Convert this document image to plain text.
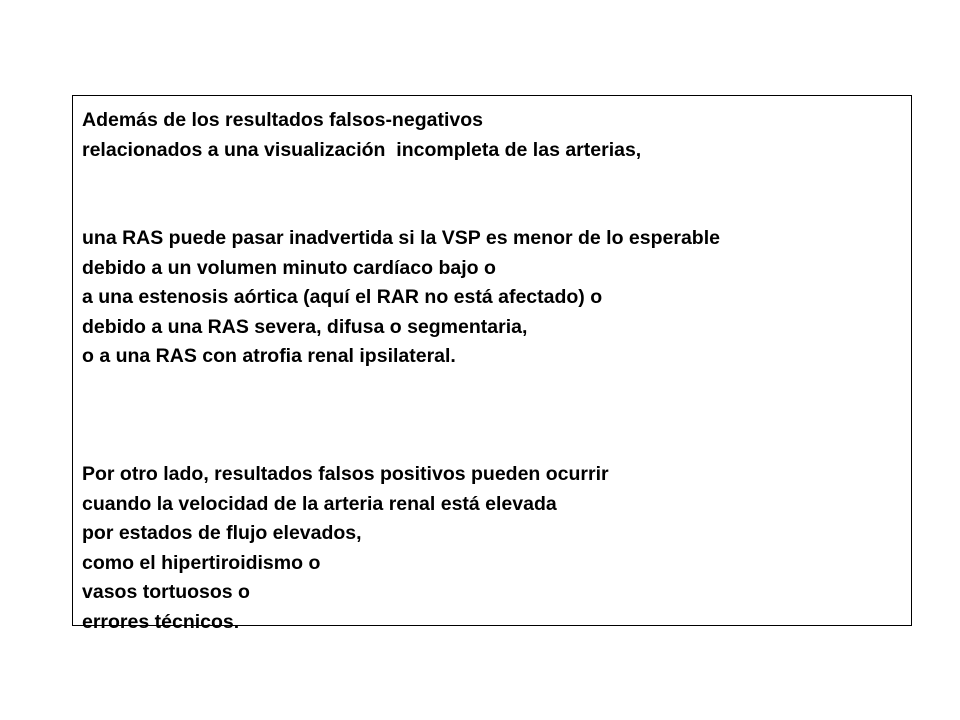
Además de los resultados falsos-negativos
relacionados a una visualización  incompleta de las arterias,
una RAS puede pasar inadvertida si la VSP es menor de lo esperable
debido a un volumen minuto cardíaco bajo o
a una estenosis aórtica (aquí el RAR no está afectado) o
debido a una RAS severa, difusa o segmentaria,
o a una RAS con atrofia renal ipsilateral.
Por otro lado, resultados falsos positivos pueden ocurrir
cuando la velocidad de la arteria renal está elevada
por estados de flujo elevados,
como el hipertiroidismo o
vasos tortuosos o
errores técnicos.
